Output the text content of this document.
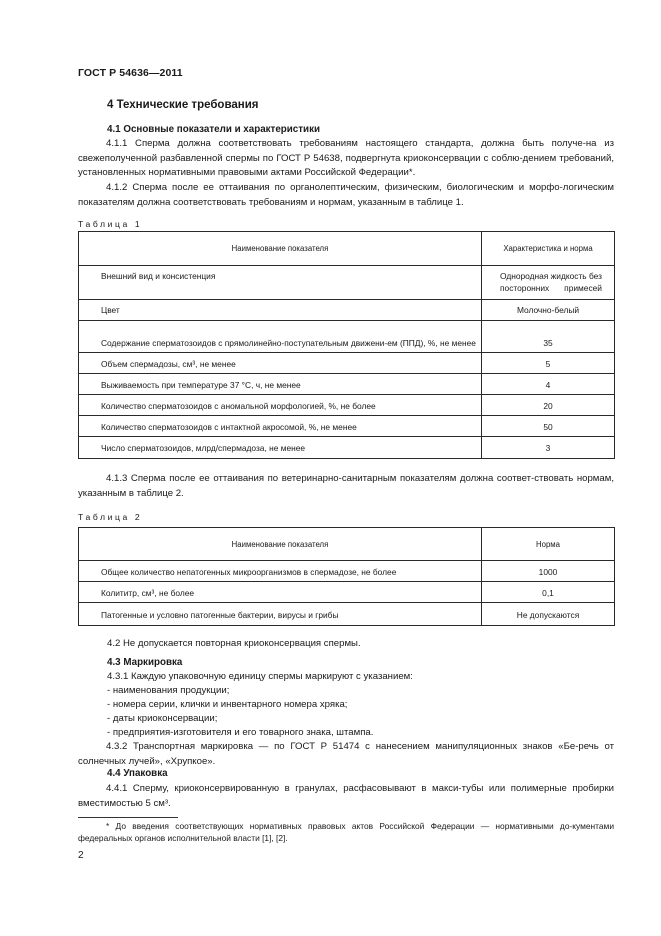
ГОСТ Р 54636—2011
4 Технические требования
4.1 Основные показатели и характеристики
4.1.1 Сперма должна соответствовать требованиям настоящего стандарта, должна быть получе-на из свежеполученной разбавленной спермы по ГОСТ Р 54638, подвергнута криоконсервации с соблю-дением требований, установленных нормативными правовыми актами Российской Федерации*.
4.1.2 Сперма после ее оттаивания по органолептическим, физическим, биологическим и морфо-логическим показателям должна соответствовать требованиям и нормам, указанным в таблице 1.
Таблица 1
Наименование показателя	Характеристика и норма
Внешний вид и консистенция	Однородная жидкость без посторонних примесей
Цвет	Молочно-белый
Содержание сперматозоидов с прямолинейно-поступательным движени-ем (ППД), %, не менее	35
Объем спермадозы, см³, не менее	5
Выживаемость при температуре 37 °С, ч, не менее	4
Количество сперматозоидов с аномальной морфологией, %, не более	20
Количество сперматозоидов с интактной акросомой, %, не менее	50
Число сперматозоидов, млрд/спермадоза, не менее	3
4.1.3 Сперма после ее оттаивания по ветеринарно-санитарным показателям должна соответ-ствовать нормам, указанным в таблице 2.
Таблица 2
Наименование показателя	Норма
Общее количество непатогенных микроорганизмов в спермадозе, не более	1000
Колититр, см³, не более	0,1
Патогенные и условно патогенные бактерии, вирусы и грибы	Не допускаются
4.2 Не допускается повторная криоконсервация спермы.
4.3 Маркировка
4.3.1 Каждую упаковочную единицу спермы маркируют с указанием:
- наименования продукции;
- номера серии, клички и инвентарного номера хряка;
- даты криоконсервации;
- предприятия-изготовителя и его товарного знака, штампа.
4.3.2 Транспортная маркировка — по ГОСТ Р 51474 с нанесением манипуляционных знаков «Бе-речь от солнечных лучей», «Хрупкое».
4.4 Упаковка
4.4.1 Сперму, криоконсервированную в гранулах, расфасовывают в макси-тубы или полимерные пробирки вместимостью 5 см³.
* До введения соответствующих нормативных правовых актов Российской Федерации — нормативными до-кументами федеральных органов исполнительной власти [1], [2].
2
